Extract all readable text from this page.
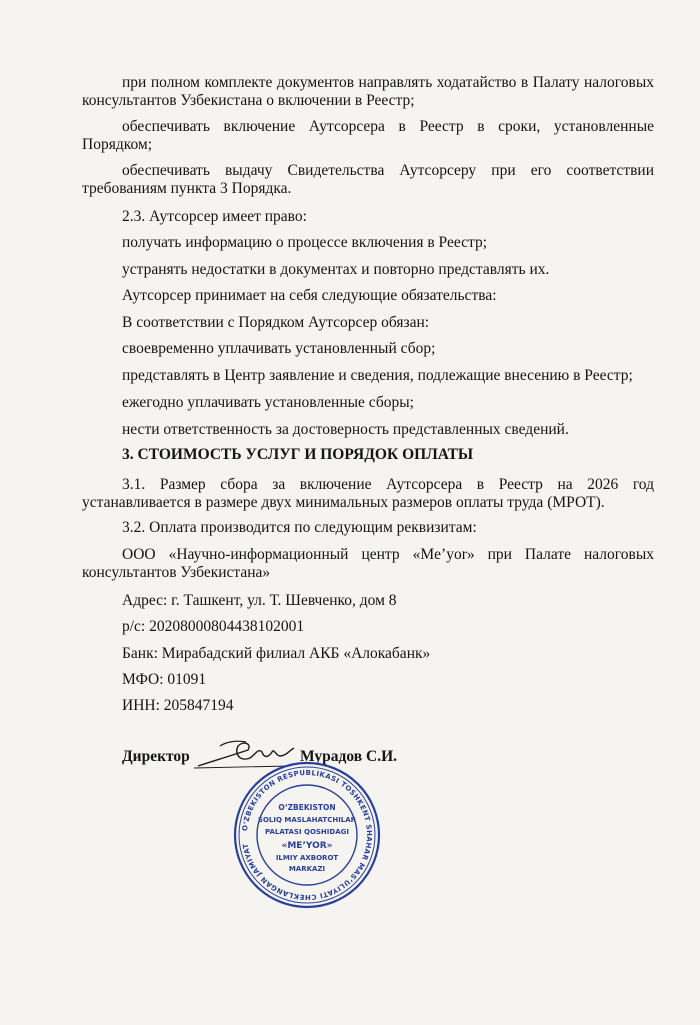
при полном комплекте документов направлять ходатайство в Палату налоговых консультантов Узбекистана о включении в Реестр;

обеспечивать включение Аутсорсера в Реестр в сроки, установленные Порядком;

обеспечивать выдачу Свидетельства Аутсорсеру при его соответствии требованиям пункта 3 Порядка.

2.3. Аутсорсер имеет право:
получать информацию о процессе включения в Реестр;
устранять недостатки в документах и повторно представлять их.
Аутсорсер принимает на себя следующие обязательства:
В соответствии с Порядком Аутсорсер обязан:
своевременно уплачивать установленный сбор;
представлять в Центр заявление и сведения, подлежащие внесению в Реестр;
ежегодно уплачивать установленные сборы;
нести ответственность за достоверность представленных сведений.
3. СТОИМОСТЬ УСЛУГ И ПОРЯДОК ОПЛАТЫ

3.1. Размер сбора за включение Аутсорсера в Реестр на 2026 год устанавливается в размере двух минимальных размеров оплаты труда (МРОТ).

3.2. Оплата производится по следующим реквизитам:

ООО «Научно-информационный центр «Me’yor» при Палате налоговых консультантов Узбекистана»

Адрес: г. Ташкент, ул. Т. Шевченко, дом 8
р/с: 20208000804438102001
Банк: Мирабадский филиал АКБ «Алокабанк»
МФО: 01091
ИНН: 205847194
Директор	Мурадов С.И.
O‘ZBEKISTON RESPUBLIKASI TOSHKENT SHAHAR MAS’ULIYATI CHEKLANGAN JAMIYAT
O‘ZBEKISTON
SOLIQ MASLAHATCHILAR
PALATASI QOSHIDAGI
«ME’YOR»
ILMIY AXBOROT
MARKAZI
